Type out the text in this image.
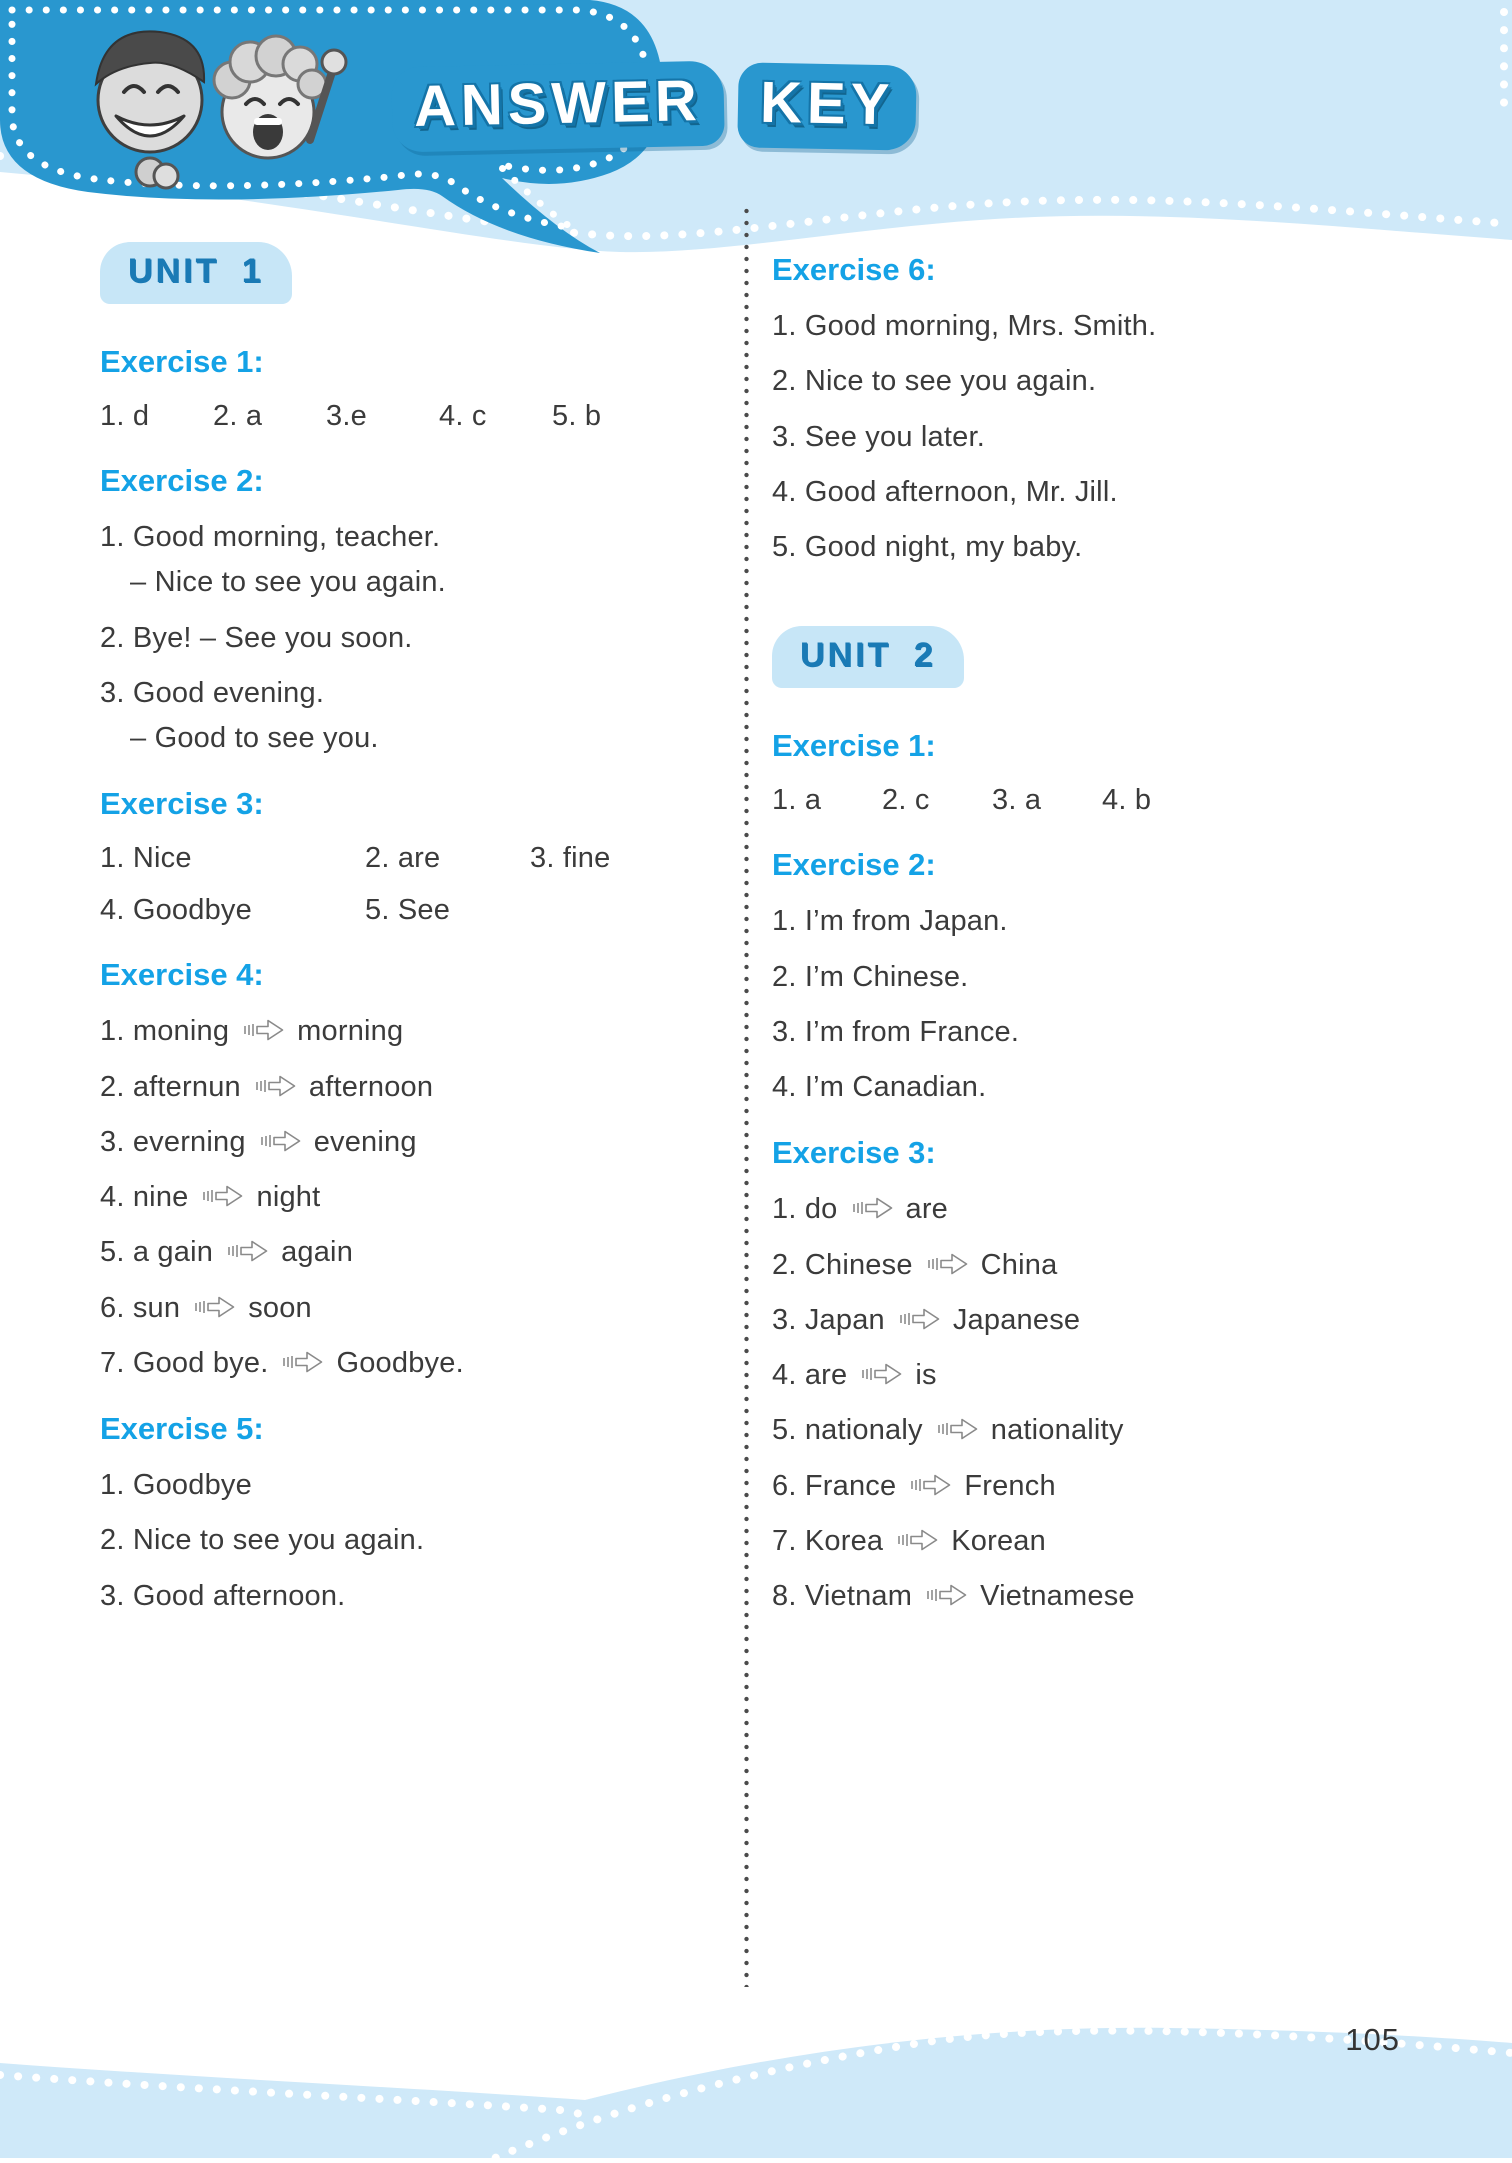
ANSWER KEY
UNIT 1
Exercise 1:
1. d	2. a	3.e	4. c	5. b
Exercise 2:
1. Good morning, teacher.
– Nice to see you again.
2. Bye! – See you soon.
3. Good evening.
– Good to see you.
Exercise 3:
1. Nice	2. are	3. fine
4. Goodbye	5. See
Exercise 4:
1. moning morning
2. afternun afternoon
3. everning evening
4. nine night
5. a gain again
6. sun soon
7. Good bye. Goodbye.
Exercise 5:
1. Goodbye
2. Nice to see you again.
3. Good afternoon.
Exercise 6:
1. Good morning, Mrs. Smith.
2. Nice to see you again.
3. See you later.
4. Good afternoon, Mr. Jill.
5. Good night, my baby.
UNIT 2
Exercise 1:
1. a	2. c	3. a	4. b
Exercise 2:
1. I’m from Japan.
2. I’m Chinese.
3. I’m from France.
4. I’m Canadian.
Exercise 3:
1. do are
2. Chinese China
3. Japan Japanese
4. are is
5. nationaly nationality
6. France French
7. Korea Korean
8. Vietnam Vietnamese
105
